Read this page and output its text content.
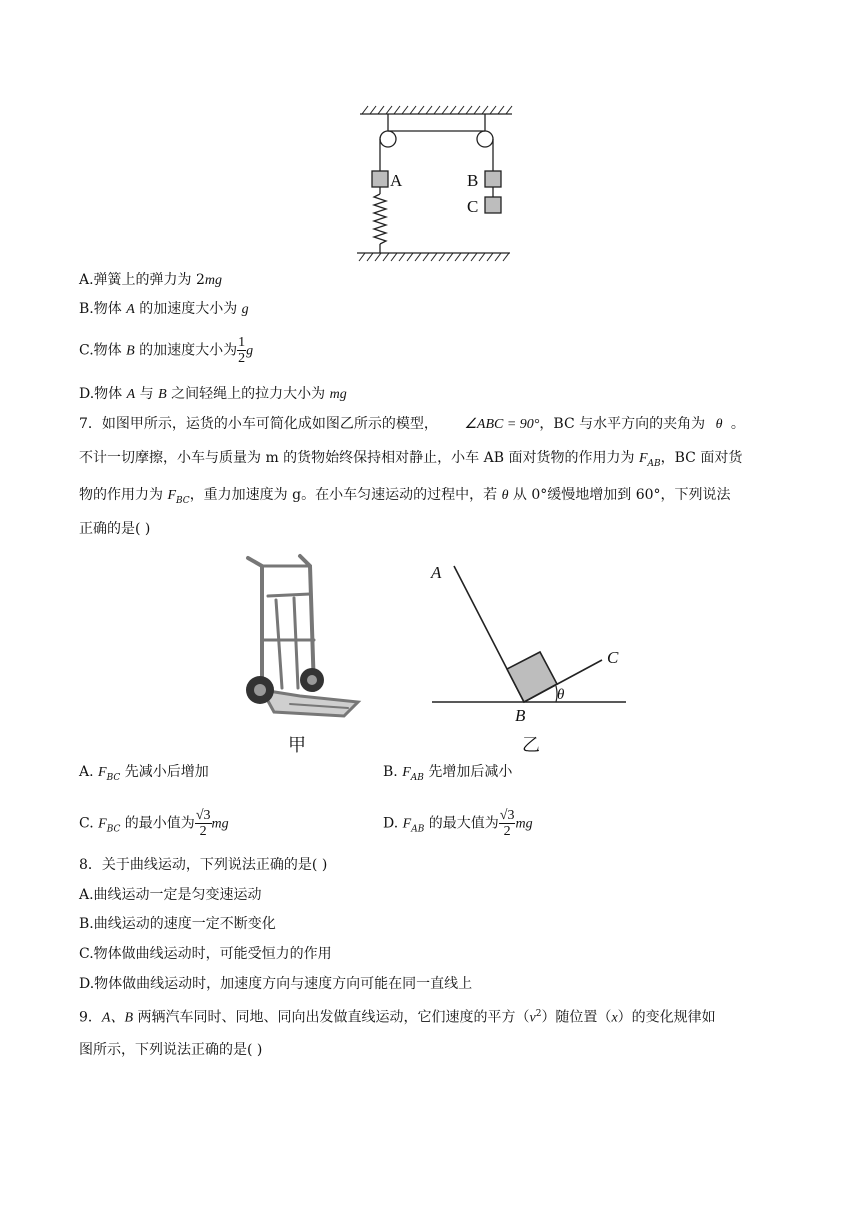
A	B
C
A.弹簧上的弹力为 2mg
B.物体 A 的加速度大小为 g
C.物体 B 的加速度大小为 $\frac{1}{2}$ g
D.物体 A 与 B 之间轻绳上的拉力大小为 mg
7．如图甲所示，运货的小车可简化成如图乙所示的模型， ∠ABC = 90°，BC 与水平方向的夹角为 θ 。
不计一切摩擦，小车与质量为 m 的货物始终保持相对静止，小车 AB 面对货物的作用力为 $F_{AB}$，BC 面对货
物的作用力为 $F_{BC}$，重力加速度为 g。在小车匀速运动的过程中，若 θ 从 0°缓慢地增加到 60°，下列说法
正确的是( )
A
C
B
θ
甲	乙
A. $F_{BC}$ 先减小后增加	B. $F_{AB}$ 先增加后减小
C. $F_{BC}$ 的最小值为 $\frac{√3}{2}$ mg	D. $F_{AB}$ 的最大值为 $\frac{√3}{2}$ mg
8．关于曲线运动，下列说法正确的是( )
A.曲线运动一定是匀变速运动
B.曲线运动的速度一定不断变化
C.物体做曲线运动时，可能受恒力的作用
D.物体做曲线运动时，加速度方向与速度方向可能在同一直线上
9．A、B 两辆汽车同时、同地、同向出发做直线运动，它们速度的平方$(v^2)$随位置（x）的变化规律如
图所示，下列说法正确的是( )
